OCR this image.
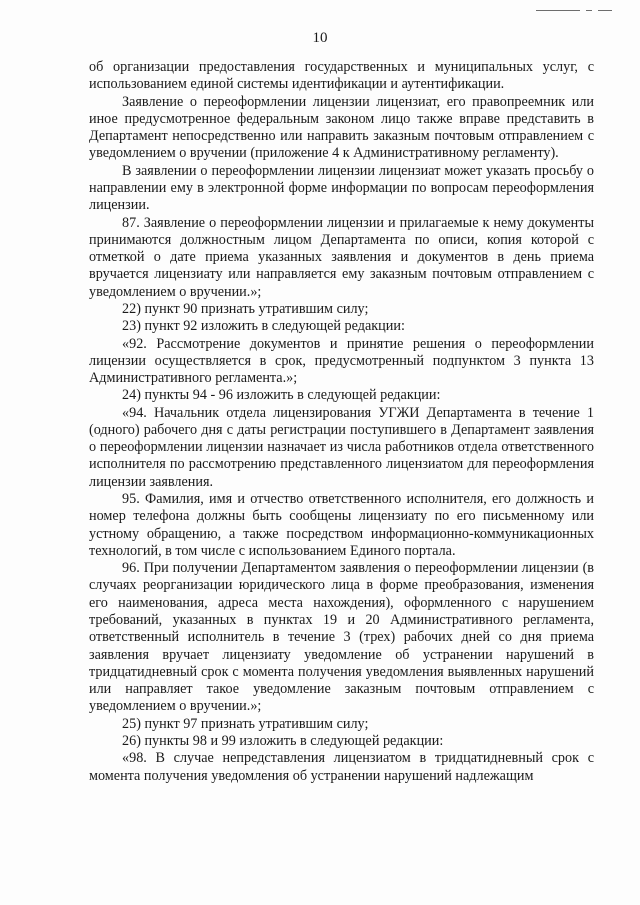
10

об организации предоставления государственных и муниципальных услуг, с использованием единой системы идентификации и аутентификации.

Заявление о переоформлении лицензии лицензиат, его правопреемник или иное предусмотренное федеральным законом лицо также вправе представить в Департамент непосредственно или направить заказным почтовым отправлением с уведомлением о вручении (приложение 4 к Административному регламенту).

В заявлении о переоформлении лицензии лицензиат может указать просьбу о направлении ему в электронной форме информации по вопросам переоформления лицензии.

87. Заявление о переоформлении лицензии и прилагаемые к нему документы принимаются должностным лицом Департамента по описи, копия которой с отметкой о дате приема указанных заявления и документов в день приема вручается лицензиату или направляется ему заказным почтовым отправлением с уведомлением о вручении.»;

22) пункт 90 признать утратившим силу;

23) пункт 92 изложить в следующей редакции:

«92. Рассмотрение документов и принятие решения о переоформлении лицензии осуществляется в срок, предусмотренный подпунктом 3 пункта 13 Административного регламента.»;

24) пункты 94 - 96 изложить в следующей редакции:

«94. Начальник отдела лицензирования УГЖИ Департамента в течение 1 (одного) рабочего дня с даты регистрации поступившего в Департамент заявления о переоформлении лицензии назначает из числа работников отдела ответственного исполнителя по рассмотрению представленного лицензиатом для переоформления лицензии заявления.

95. Фамилия, имя и отчество ответственного исполнителя, его должность и номер телефона должны быть сообщены лицензиату по его письменному или устному обращению, а также посредством информационно-коммуникационных технологий, в том числе с использованием Единого портала.

96. При получении Департаментом заявления о переоформлении лицензии (в случаях реорганизации юридического лица в форме преобразования, изменения его наименования, адреса места нахождения), оформленного с нарушением требований, указанных в пунктах 19 и 20 Административного регламента, ответственный исполнитель в течение 3 (трех) рабочих дней со дня приема заявления вручает лицензиату уведомление об устранении нарушений в тридцатидневный срок с момента получения уведомления выявленных нарушений или направляет такое уведомление заказным почтовым отправлением с уведомлением о вручении.»;

25) пункт 97 признать утратившим силу;

26) пункты 98 и 99 изложить в следующей редакции:

«98. В случае непредставления лицензиатом в тридцатидневный срок с момента получения уведомления об устранении нарушений надлежащим
